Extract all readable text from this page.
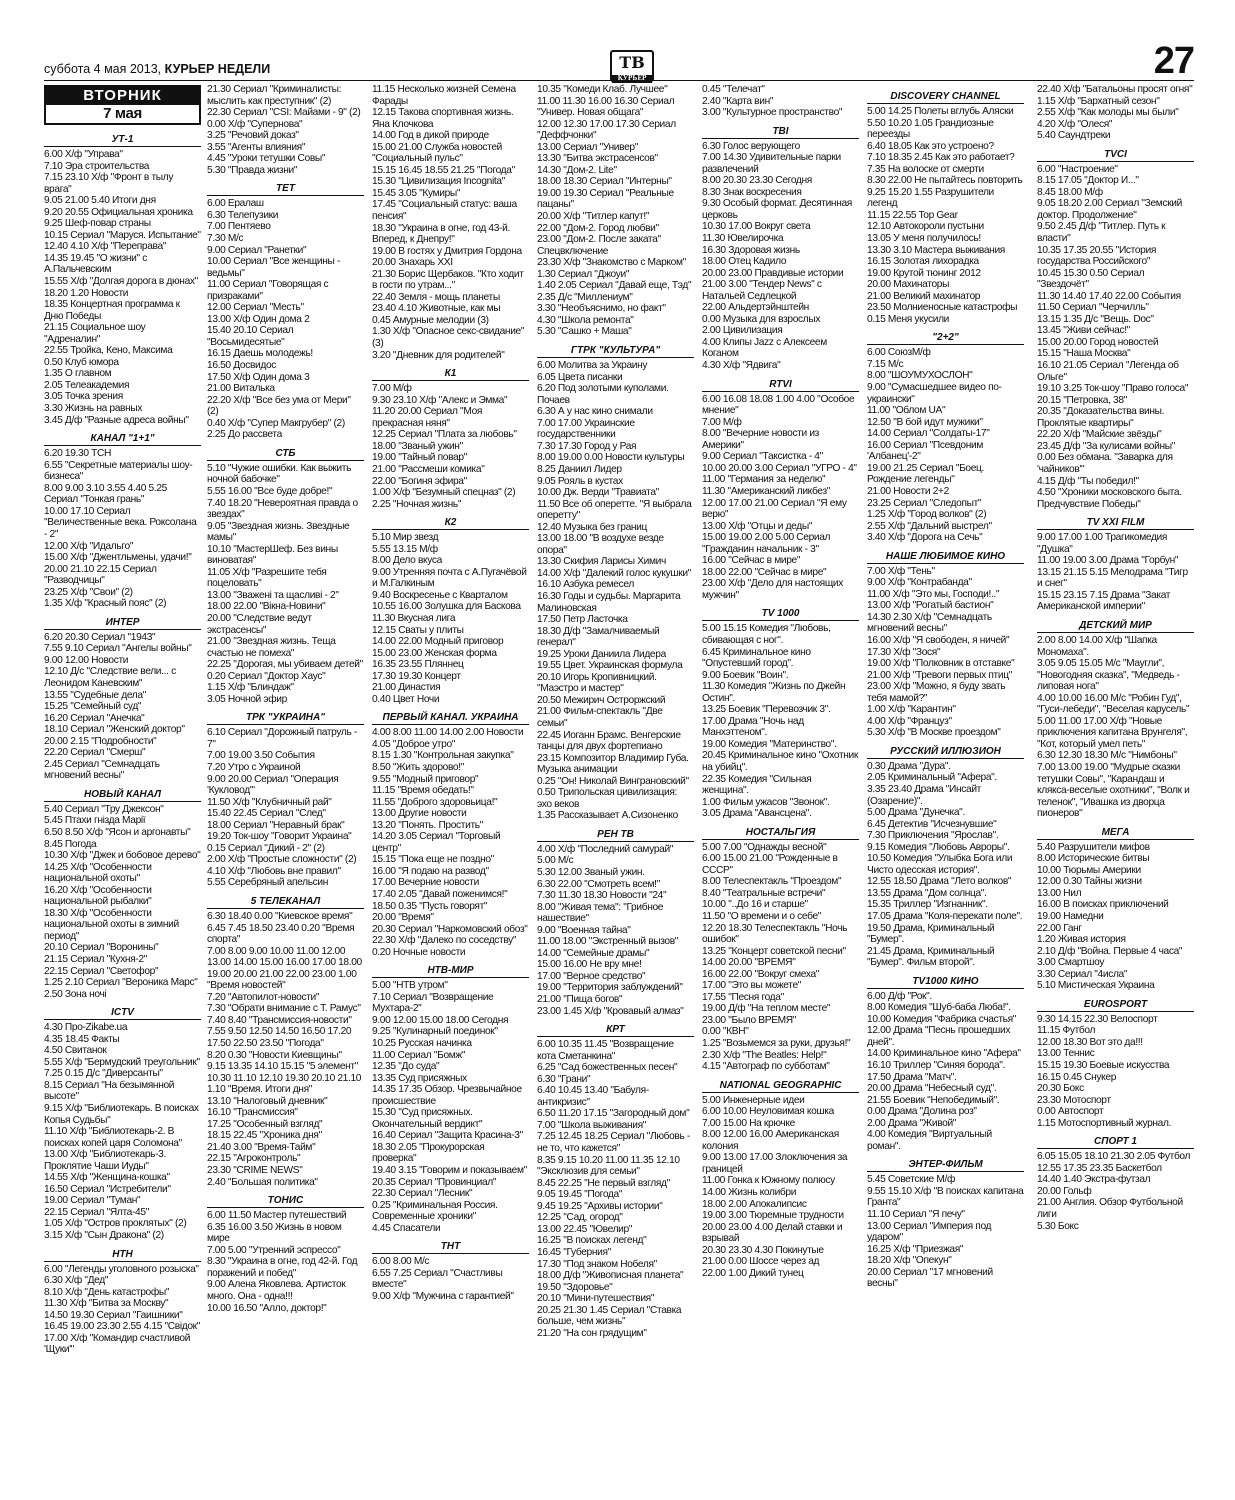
суббота 4 мая 2013, КУРЬЕР НЕДЕЛИ	ТВ
КУРЬЕР	27
ВТОРНИК
7 мая
УТ-1
6.00 Х/ф "Управа"
7.10 Эра строительства
7.15 23.10 Х/ф "Фронт в тылу врага"
9.05 21.00 5.40 Итоги дня
9.20 20.55 Официальная хроника
9.25 Шеф-повар страны
10.15 Сериал "Маруся. Испытание"
12.40 4.10 Х/ф "Переправа"
14.35 19.45 "О жизни" с А.Пальчевским
15.55 Х/ф "Долгая дорога в дюнах"
18.20 1.20 Новости
18.35 Концертная программа к Дню Победы
21.15 Социальное шоу "Адреналин"
22.55 Тройка, Кено, Максима
0.50 Клуб юмора
1.35 О главном
2.05 Телеакадемия
3.05 Точка зрения
3.30 Жизнь на равных
3.45 Д/ф "Разные адреса войны"
КАНАЛ "1+1"
6.20 19.30 ТСН
6.55 "Секретные материалы шоу-бизнеса"
8.00 9.00 3.10 3.55 4.40 5.25 Сериал "Тонкая грань"
10.00 17.10 Сериал "Величественные века. Роксолана - 2"
12.00 Х/ф "Идальго"
15.00 Х/ф "Джентльмены, удачи!"
20.00 21.10 22.15 Сериал "Разводчицы"
23.25 Х/ф "Свои" (2)
1.35 Х/ф "Красный пояс" (2)
ИНТЕР
6.20 20.30 Сериал "1943"
7.55 9.10 Сериал "Ангелы войны"
9.00 12.00 Новости
12.10 Д/с "Следствие вели... с Леонидом Каневским"
13.55 "Судебные дела"
15.25 "Семейный суд"
16.20 Сериал "Анечка"
18.10 Сериал "Женский доктор"
20.00 2.15 "Подробности"
22.20 Сериал "Смерш"
2.45 Сериал "Семнадцать мгновений весны"
НОВЫЙ КАНАЛ
5.40 Сериал "Тру Джексон"
5.45 Птахи гнізда Марії
6.50 8.50 Х/ф "Ясон и аргонавты"
8.45 Погода
10.30 Х/ф "Джек и бобовое дерево"
14.25 Х/ф "Особенности национальной охоты"
16.20 Х/ф "Особенности национальной рыбалки"
18.30 Х/ф "Особенности национальной охоты в зимний период"
20.10 Сериал "Воронины"
21.15 Сериал "Кухня-2"
22.15 Сериал "Светофор"
1.25 2.10 Сериал "Вероника Марс"
2.50 Зона ночі
ICTV
4.30 Про-Zikabe.ua
4.35 18.45 Факты
4.50 Свитанок
5.55 Х/ф "Бермудский треугольник"
7.25 0.15 Д/с "Диверсанты"
8.15 Сериал "На безымянной высоте"
9.15 Х/ф "Библиотекарь. В поисках Копья Судьбы"
11.10 Х/ф "Библиотекарь-2. В поисках копей царя Соломона"
13.00 Х/ф "Библиотекарь-3. Проклятие Чаши Иуды"
14.55 Х/ф "Женщина-кошка"
16.50 Сериал "Истребители"
19.00 Сериал "Туман"
22.15 Сериал "Ялта-45"
1.05 Х/ф "Остров проклятых" (2)
3.15 Х/ф "Сын Дракона" (2)
НТН
6.00 "Легенды уголовного розыска"
6.30 Х/ф "Дед"
8.10 Х/ф "День катастрофы"
11.30 Х/ф "Битва за Москву"
14.50 19.30 Сериал "Гаишники"
16.45 19.00 23.30 2.55 4.15 "Свідок"
17.00 Х/ф "Командир счастливой 'Щуки'"
21.30 Сериал "Криминалисты: мыслить как преступник" (2)
22.30 Сериал "CSI: Майами - 9" (2)
0.00 Х/ф "Супернова"
3.25 "Речовий доказ"
3.55 "Агенты влияния"
4.45 "Уроки тетушки Совы"
5.30 "Правда жизни"
ТЕТ
6.00 Ералаш
6.30 Телепузики
7.00 Пентяево
7.30 М/с
9.00 Сериал "Ранетки"
10.00 Сериал "Все женщины - ведьмы"
11.00 Сериал "Говорящая с призраками"
12.00 Сериал "Месть"
13.00 Х/ф Один дома 2
15.40 20.10 Сериал "Восьмидесятые"
16.15 Даешь молодежь!
16.50 Досвидос
17.50 Х/ф Один дома 3
21.00 Виталька
22.20 Х/ф "Все без ума от Мери" (2)
0.40 Х/ф "Супер Макгрубер" (2)
2.25 До рассвета
СТБ
5.10 "Чужие ошибки. Как выжить ночной бабочке"
5.55 16.00 "Все буде добре!"
7.40 18.20 "Невероятная правда о звездах"
9.05 "Звездная жизнь. Звездные мамы"
10.10 "МастерШеф. Без вины виноватая"
11.05 Х/ф "Разрешите тебя поцеловать"
13.00 "Зважені та щасливі - 2"
18.00 22.00 "Вікна-Новини"
20.00 "Следствие ведут экстрасенсы"
21.00 "Звездная жизнь. Теща счастью не помеха"
22.25 "Дорогая, мы убиваем детей"
0.20 Сериал "Доктор Хаус"
1.15 Х/ф "Блиндаж"
3.05 Ночной эфир
ТРК "УКРАИНА"
6.10 Сериал "Дорожный патруль - 7"
7.00 19.00 3.50 События
7.20 Утро с Украиной
9.00 20.00 Сериал "Операция 'Кукловод'"
11.50 Х/ф "Клубничный рай"
15.40 22.45 Сериал "След"
18.00 Сериал "Неравный брак"
19.20 Ток-шоу "Говорит Украина"
0.15 Сериал "Дикий - 2" (2)
2.00 Х/ф "Простые сложности" (2)
4.10 Х/ф "Любовь вне правил"
5.55 Серебряный апельсин
5 ТЕЛЕКАНАЛ
6.30 18.40 0.00 "Киевское время"
6.45 7.45 18.50 23.40 0.20 "Время спорта"
7.00 8.00 9.00 10.00 11.00 12.00 13.00 14.00 15.00 16.00 17.00 18.00 19.00 20.00 21.00 22.00 23.00 1.00 "Время новостей"
7.20 "Автопилот-новости"
7.30 "Обрати внимание с Т. Рамус"
7.40 8.40 "Трансмиссия-новости"
7.55 9.50 12.50 14.50 16.50 17.20 17.50 22.50 23.50 "Погода"
8.20 0.30 "Новости Киевщины"
9.15 13.35 14.10 15.15 "5 элемент"
10.30 11.10 12.10 19.30 20.10 21.10 1.10 "Время. Итоги дня"
13.10 "Налоговый дневник"
16.10 "Трансмиссия"
17.25 "Особенный взгляд"
18.15 22.45 "Хроника дня"
21.40 3.00 "Время-Тайм"
22.15 "Агроконтроль"
23.30 "CRIME NEWS"
2.40 "Большая политика"
ТОНИС
6.00 11.50 Мастер путешествий
6.35 16.00 3.50 Жизнь в новом мире
7.00 5.00 "Утренний эспрессо"
8.30 "Украина в огне, год 42-й. Год поражений и побед"
9.00 Алена Яковлева. Артисток много. Она - одна!!!
10.00 16.50 "Алло, доктор!"
11.15 Несколько жизней Семена Фарады
12.15 Такова спортивная жизнь. Яна Клочкова
14.00 Год в дикой природе
15.00 21.00 Служба новостей "Социальный пульс"
15.15 16.45 18.55 21.25 "Погода"
15.30 "Цивилизация Incognita"
15.45 3.05 "Кумиры"
17.45 "Социальный статус: ваша пенсия"
18.30 "Украина в огне, год 43-й. Вперед, к Днепру!"
19.00 В гостях у Дмитрия Гордона
20.00 Знахарь XXI
21.30 Борис Щербаков. "Кто ходит в гости по утрам..."
22.40 Земля - мощь планеты
23.40 4.10 Животные, как мы
0.45 Амурные мелодии (3)
1.30 Х/ф "Опасное секс-свидание" (3)
3.20 "Дневник для родителей"
К1
7.00 М/ф
9.30 23.10 Х/ф "Алекс и Эмма"
11.20 20.00 Сериал "Моя прекрасная няня"
12.25 Сериал "Плата за любовь"
18.00 "Званый ужин"
19.00 "Тайный повар"
21.00 "Рассмеши комика"
22.00 "Богиня эфира"
1.00 Х/ф "Безумный спецназ" (2)
2.25 "Ночная жизнь"
К2
5.10 Мир звезд
5.55 13.15 М/ф
8.00 Дело вкуса
9.00 Утренняя почта с А.Пугачёвой и М.Галкиным
9.40 Воскресенье с Кварталом
10.55 16.00 Золушка для Баскова
11.30 Вкусная лига
12.15 Сваты у плиты
14.00 22.00 Модный приговор
15.00 23.00 Женская форма
16.35 23.55 Пляннец
17.30 19.30 Концерт
21.00 Династия
0.40 Цвет Ночи
ПЕРВЫЙ КАНАЛ. УКРАИНА
4.00 8.00 11.00 14.00 2.00 Новости
4.05 "Доброе утро"
8.15 1.30 "Контрольная закупка"
8.50 "Жить здорово!"
9.55 "Модный приговор"
11.15 "Время обедать!"
11.55 "Доброго здоровьица!"
13.00 Другие новости
13.20 "Понять. Простить"
14.20 3.05 Сериал "Торговый центр"
15.15 "Пока еще не поздно"
16.00 "Я подаю на развод"
17.00 Вечерние новости
17.40 2.05 "Давай поженимся!"
18.50 0.35 "Пусть говорят"
20.00 "Время"
20.30 Сериал "Наркомовский обоз"
22.30 Х/ф "Далеко по соседству"
0.20 Ночные новости
НТВ-МИР
5.00 "НТВ утром"
7.10 Сериал "Возвращение Мухтара-2"
9.00 12.00 15.00 18.00 Сегодня
9.25 "Кулинарный поединок"
10.25 Русская начинка
11.00 Сериал "Бомж"
12.35 "До суда"
13.35 Суд присяжных
14.35 17.35 Обзор. Чрезвычайное происшествие
15.30 "Суд присяжных. Окончательный вердикт"
16.40 Сериал "Защита Красина-3"
18.30 2.05 "Прокурорская проверка"
19.40 3.15 "Говорим и показываем"
20.35 Сериал "Провинциал"
22.30 Сериал "Лесник"
0.25 "Криминальная Россия. Современные хроники"
4.45 Спасатели
ТНТ
6.00 8.00 М/с
6.55 7.25 Сериал "Счастливы вместе"
9.00 Х/ф "Мужчина с гарантией"
10.35 "Комеди Клаб. Лучшее"
11.00 11.30 16.00 16.30 Сериал "Универ. Новая общага"
12.00 12.30 17.00 17.30 Сериал "Деффчонки"
13.00 Сериал "Универ"
13.30 "Битва экстрасенсов"
14.30 "Дом-2. Lite"
18.00 18.30 Сериал "Интерны"
19.00 19.30 Сериал "Реальные пацаны"
20.00 Х/ф "Титлер капут!"
22.00 "Дом-2. Город любви"
23.00 "Дом-2. После заката" Спецвключение
23.30 Х/ф "Знакомство с Марком"
1.30 Сериал "Джоуи"
1.40 2.05 Сериал "Давай еще, Тэд"
2.35 Д/с "Миллениум"
3.30 "Необъяснимо, но факт"
4.30 "Школа ремонта"
5.30 "Сашко + Маша"
ГТРК "КУЛЬТУРА"
6.00 Молитва за Украину
6.05 Цвета писанки
6.20 Под золотыми куполами. Почаев
6.30 А у нас кино снимали
7.00 17.00 Украинские государственники
7.30 17.30 Город у Рая
8.00 19.00 0.00 Новости культуры
8.25 Даниил Лидер
9.05 Рояль в кустах
10.00 Дж. Верди "Травиата"
11.50 Все об оперетте. "Я выбрала оперетту"
12.40 Музыка без границ
13.00 18.00 "В воздухе вездe опора"
13.30 Скифия Ларисы Химич
14.00 Х/ф "Далекий голос кукушки"
16.10 Азбука ремесел
16.30 Годы и судьбы. Маргарита Малиновская
17.50 Петр Ласточка
18.30 Д/ф "Замалчиваемый генерал"
19.25 Уроки Даниила Лидера
19.55 Цвет. Украинская формула
20.10 Игорь Кропивницкий. "Маэстро и мастер"
20.50 Межирич Остроржский
21.00 Фильм-спектакль "Две семьи"
22.45 Иоганн Брамс. Венгерские танцы для двух фортепиано
23.15 Композитор Владимир Губа. Музыка анимации
0.25 "Он! Николай Винграновский"
0.50 Трипольская цивилизация: эхо веков
1.35 Рассказывает А.Сизоненко
РЕН ТВ
4.00 Х/ф "Последний самурай"
5.00 М/с
5.30 12.00 Званый ужин.
6.30 22.00 "Смотреть всем!"
7.30 11.30 18.30 Новости "24"
8.00 "Живая тема": "Грибное нашествие"
9.00 "Военная тайна"
11.00 18.00 "Экстренный вызов"
14.00 "Семейные драмы"
15.00 16.00 Не вру мне!
17.00 "Верное средство"
19.00 "Территория заблуждений"
21.00 "Пища богов"
23.00 1.45 Х/ф "Кровавый алмаз"
КРТ
6.00 10.35 11.45 "Возвращение кота Сметанкина"
6.25 "Сад божественных песен"
6.30 "Грани"
6.40 10.45 13.40 "Бабуля-антикризис"
6.50 11.20 17.15 "Загородный дом"
7.00 "Школа выживания"
7.25 12.45 18.25 Сериал "Любовь - не то, что кажется"
8.35 9.15 10.20 11.00 11.35 12.10 "Эксклюзив для семьи"
8.45 22.25 "Не первый взгляд"
9.05 19.45 "Погода"
9.45 19.25 "Архивы истории"
12.25 "Сад, огород"
13.00 22.45 "Ювелир"
16.25 "В поисках легенд"
16.45 "Губерния"
17.30 "Под знаком Нобеля"
18.00 Д/ф "Живописная планета"
19.50 "Здоровье"
20.10 "Мини-путешествия"
20.25 21.30 1.45 Сериал "Ставка больше, чем жизнь"
21.20 "На сон грядущим"
0.45 "Телечат"
2.40 "Карта вин"
3.00 "Культурное пространство"
TBI
6.30 Голос верующего
7.00 14.30 Удивительные парки развлечений
8.00 20.30 23.30 Сегодня
8.30 Знак воскресения
9.30 Особый формат. Десятинная церковь
10.30 17.00 Вокруг света
11.30 Ювелирочка
16.30 Здоровая жизнь
18.00 Отец Кадило
20.00 23.00 Правдивые истории
21.00 3.00 "Тендер News" с Натальей Седлецкой
22.00 Альдертэйнштейн
0.00 Музыка для взрослых
2.00 Цивилизация
4.00 Клипы Jazz с Алексеем Коганом
4.30 Х/ф "Ядвига"
RTVI
6.00 16.08 18.08 1.00 4.00 "Особое мнение"
7.00 М/ф
8.00 "Вечерние новости из Америки"
9.00 Сериал "Таксистка - 4"
10.00 20.00 3.00 Сериал "УГРО - 4"
11.00 "Германия за неделю"
11.30 "Американский ликбез"
12.00 17.00 21.00 Сериал "Я ему верю"
13.00 Х/ф "Отцы и деды"
15.00 19.00 2.00 5.00 Сериал "Гражданин начальник - 3"
16.00 "Сейчас в мире"
18.00 22.00 "Сейчас в мире"
23.00 Х/ф "Дело для настоящих мужчин"
TV 1000
5.00 15.15 Комедия "Любовь, сбивающая с ног".
6.45 Криминальное кино "Опустевший город".
9.00 Боевик "Воин".
11.30 Комедия "Жизнь по Джейн Остин".
13.25 Боевик "Перевозчик 3".
17.00 Драма "Ночь над Манхэттеном".
19.00 Комедия "Материнство".
20.45 Криминальное кино "Охотник на убийц".
22.35 Комедия "Сильная женщина".
1.00 Фильм ужасов "Звонок".
3.05 Драма "Авансцена".
НОСТАЛЬГИЯ
5.00 7.00 "Однажды весной"
6.00 15.00 21.00 "Рожденные в СССР"
8.00 Телеспектакль "Проездом"
8.40 "Театральные встречи"
10.00 "..До 16 и старше"
11.50 "О времени и о себе"
12.20 18.30 Телеспектакль "Ночь ошибок"
13.25 "Концерт советской песни"
14.00 20.00 "ВРЕМЯ"
16.00 22.00 "Вокруг смеха"
17.00 "Это вы можете"
17.55 "Песня года"
19.00 Д/ф "На теплом месте"
23.00 "Было ВРЕМЯ"
0.00 "КВН"
1.25 "Возьмемся за руки, друзья!"
2.30 Х/ф "The Beatles: Help!"
4.15 "Автограф по субботам"
NATIONAL GEOGRAPHIC
5.00 Инженерные идеи
6.00 10.00 Неуловимая кошка
7.00 15.00 На крючке
8.00 12.00 16.00 Американская колония
9.00 13.00 17.00 Злоключения за границей
11.00 Гонка к Южному полюсу
14.00 Жизнь колибри
18.00 2.00 Апокалипсис
19.00 3.00 Тюремные трудности
20.00 23.00 4.00 Делай ставки и взрывай
20.30 23.30 4.30 Покинутые
21.00 0.00 Шоссе через ад
22.00 1.00 Дикий тунец
DISCOVERY CHANNEL
5.00 14.25 Полеты вглубь Аляски
5.50 10.20 1.05 Грандиозные переезды
6.40 18.05 Как это устроено?
7.10 18.35 2.45 Как это работает?
7.35 На волоске от смерти
8.30 22.00 Не пытайтесь повторить
9.25 15.20 1.55 Разрушители легенд
11.15 22.55 Top Gear
12.10 Автокороли пустыни
13.05 У меня получилось!
13.30 3.10 Мастера выживания
16.15 Золотая лихорадка
19.00 Крутой тюнинг 2012
20.00 Махинаторы
21.00 Великий махинатор
23.50 Молниеносные катастрофы
0.15 Меня укусили
"2+2"
6.00 СоюзМ/ф
7.15 М/с
8.00 "ШОУМУХОСЛОН"
9.00 "Сумасшедшее видео по-украински"
11.00 "Облом UA"
12.50 "В бой идут мужики"
14.00 Сериал "Солдаты-17"
16.00 Сериал "Псевдоним 'Албанец'-2"
19.00 21.25 Сериал "Боец. Рождение легенды"
21.00 Новости 2+2
23.25 Сериал "Следопыт"
1.25 Х/ф "Город волков" (2)
2.55 Х/ф "Дальний выстрел"
3.40 Х/ф "Дорога на Сечь"
НАШЕ ЛЮБИМОЕ КИНО
7.00 Х/ф "Тень"
9.00 Х/ф "Контрабанда"
11.00 Х/ф "Это мы, Господи!.."
13.00 Х/ф "Рогатый бастион"
14.30 2.30 Х/ф "Семнадцать мгновений весны"
16.00 Х/ф "Я свободен, я ничей"
17.30 Х/ф "Зося"
19.00 Х/ф "Полковник в отставке"
21.00 Х/ф "Тревоги первых птиц"
23.00 Х/ф "Можно, я буду звать тебя мамой?"
1.00 Х/ф "Карантин"
4.00 Х/ф "Француз"
5.30 Х/ф "В Москве проездом"
РУССКИЙ ИЛЛЮЗИОН
0.30 Драма "Дура".
2.05 Криминальный "Афера".
3.35 23.40 Драма "Инсайт (Озарение)".
5.00 Драма "Дунечка".
6.45 Детектив "Исчезнувшие"
7.30 Приключения "Ярослав".
9.15 Комедия "Любовь Авроры".
10.50 Комедия "Улыбка Бога или Чисто одесская история".
12.55 18.50 Драма "Лето волков"
13.55 Драма "Дом солнца".
15.35 Триллер "Изгнанник".
17.05 Драма "Коля-перекати поле".
19.50 Драма, Криминальный "Бумер".
21.45 Драма, Криминальный "Бумер". Фильм второй".
TV1000 КИНО
6.00 Д/ф "Рок".
8.00 Комедия "Шуб-баба Люба!".
10.00 Комедия "Фабрика счастья"
12.00 Драма "Песнь прошедших дней".
14.00 Криминальное кино "Афера"
16.10 Триллер "Синяя борода".
17.50 Драма "Матч".
20.00 Драма "Небесный суд".
21.55 Боевик "Непобедимый".
0.00 Драма "Долина роз"
2.00 Драма "Живой"
4.00 Комедия "Виртуальный роман".
ЭНТЕР-ФИЛЬМ
5.45 Советские М/ф
9.55 15.10 Х/ф "В поисках капитана Гранта"
11.10 Сериал "Я печу"
13.00 Сериал "Империя под ударом"
16.25 Х/ф "Приезжая"
18.20 Х/ф "Опекун"
20.00 Сериал "17 мгновений весны"
22.40 Х/ф "Батальоны просят огня"
1.15 Х/ф "Бархатный сезон"
2.55 Х/ф "Как молоды мы были"
4.20 Х/ф "Олеся"
5.40 Саундтреки
TVCI
6.00 "Настроение"
8.15 17.05 "Доктор И..."
8.45 18.00 М/ф
9.05 18.20 2.00 Сериал "Земский доктор. Продолжение"
9.50 2.45 Д/ф "Титлер. Путь к власти"
10.35 17.35 20.55 "История государства Российского"
10.45 15.30 0.50 Сериал "Звездочёт"
11.30 14.40 17.40 22.00 События
11.50 Сериал "Черчилль"
13.15 1.35 Д/с "Вещь. Doc"
13.45 "Живи сейчас!"
15.00 20.00 Город новостей
15.15 "Наша Москва"
16.10 21.05 Сериал "Легенда об Ольге"
19.10 3.25 Ток-шоу "Право голоса"
20.15 "Петровка, 38"
20.35 "Доказательства вины. Проклятые квартиры"
22.20 Х/ф "Майские звёзды"
23.45 Д/ф "За кулисами войны"
0.00 Без обмана. "Заварка для 'чайников'"
4.15 Д/ф "Ты победил!"
4.50 "Хроники московского быта. Предчувствие Победы"
TV XXI FILM
9.00 17.00 1.00 Трагикомедия "Душка"
11.00 19.00 3.00 Драма "Горбун"
13.15 21.15 5.15 Мелодрама "Тигр и снег"
15.15 23.15 7.15 Драма "Закат Американской империи"
ДЕТСКИЙ МИР
2.00 8.00 14.00 Х/ф "Шапка Мономаха".
3.05 9.05 15.05 М/с "Маугли", "Новогодняя сказка", "Медведь - липовая нога"
4.00 10.00 16.00 М/с "Робин Гуд", "Гуси-лебеди", "Веселая карусель"
5.00 11.00 17.00 Х/ф "Новые приключения капитана Врунгеля", "Кот, который умел петь"
6.30 12.30 18.30 М/с "Нимбоны"
7.00 13.00 19.00 "Мудрые сказки тетушки Совы", "Карандаш и клякса-веселые охотники", "Волк и теленок", "Ивашка из дворца пионеров"
МЕГА
5.40 Разрушители мифов
8.00 Исторические битвы
10.00 Тюрьмы Америки
12.00 0.30 Тайны жизни
13.00 Нил
16.00 В поисках приключений
19.00 Намедни
22.00 Ганг
1.20 Живая история
2.10 Д/ф "Война. Первые 4 часа"
3.00 Смартшоу
3.30 Сериал "4исла"
5.10 Мистическая Украина
EUROSPORT
9.30 14.15 22.30 Велоспорт
11.15 Футбол
12.00 18.30 Вот это да!!!
13.00 Теннис
15.15 19.30 Боевые искусства
16.15 0.45 Снукер
20.30 Бокс
23.30 Мотоспорт
0.00 Автоспорт
1.15 Мотоспортивный журнал.
СПОРТ 1
6.05 15.05 18.10 21.30 2.05 Футбол
12.55 17.35 23.35 Баскетбол
14.40 1.40 Экстра-футзал
20.00 Гольф
21.00 Англия. Обзор Футбольной лиги
5.30 Бокс
